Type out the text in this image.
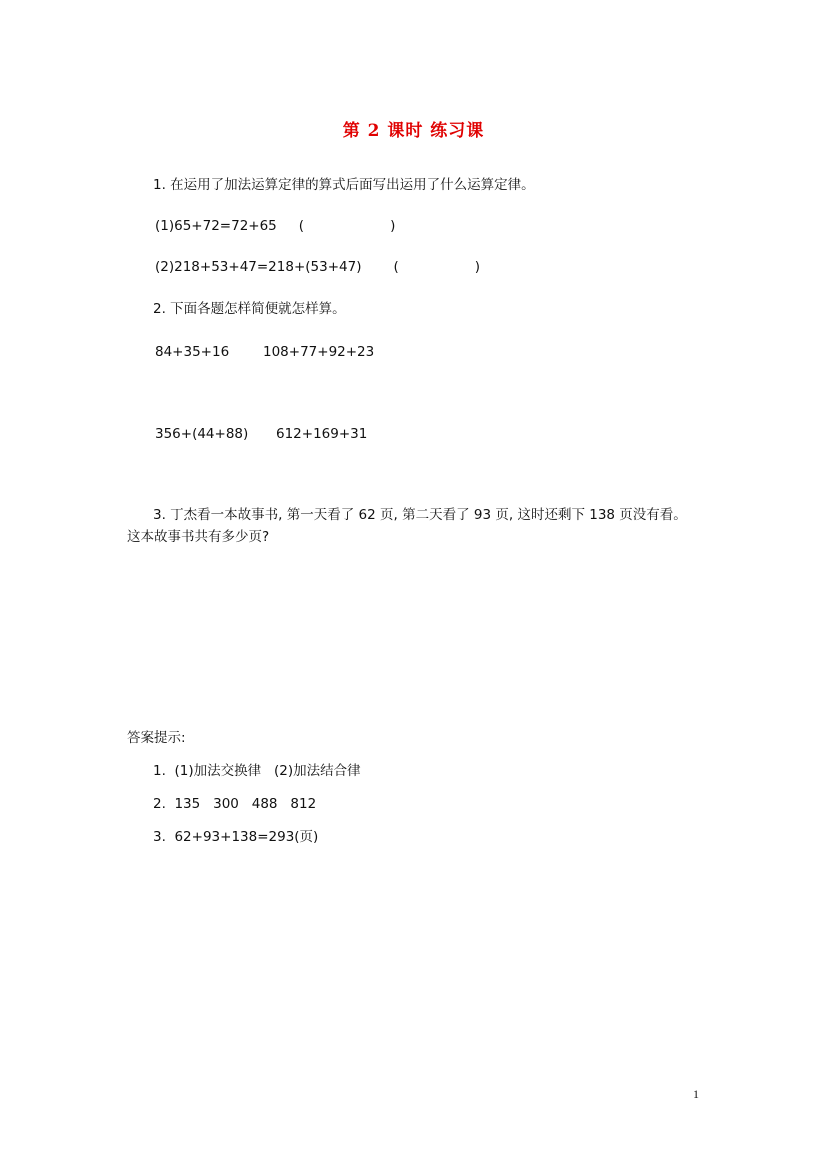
第 2 课时 练习课
1. 在运用了加法运算定律的算式后面写出运用了什么运算定律。
(1)65+72=72+65 (	)
(2)218+53+47=218+(53+47) (	)
2. 下面各题怎样简便就怎样算。
84+35+16	108+77+92+23
356+(44+88) 612+169+31
3. 丁杰看一本故事书, 第一天看了 62 页, 第二天看了 93 页, 这时还剩下 138 页没有看。
这本故事书共有多少页?
答案提示:
1.  (1)加法交换律   (2)加法结合律
2.  135   300   488   812
3.  62+93+138=293(页)
1
